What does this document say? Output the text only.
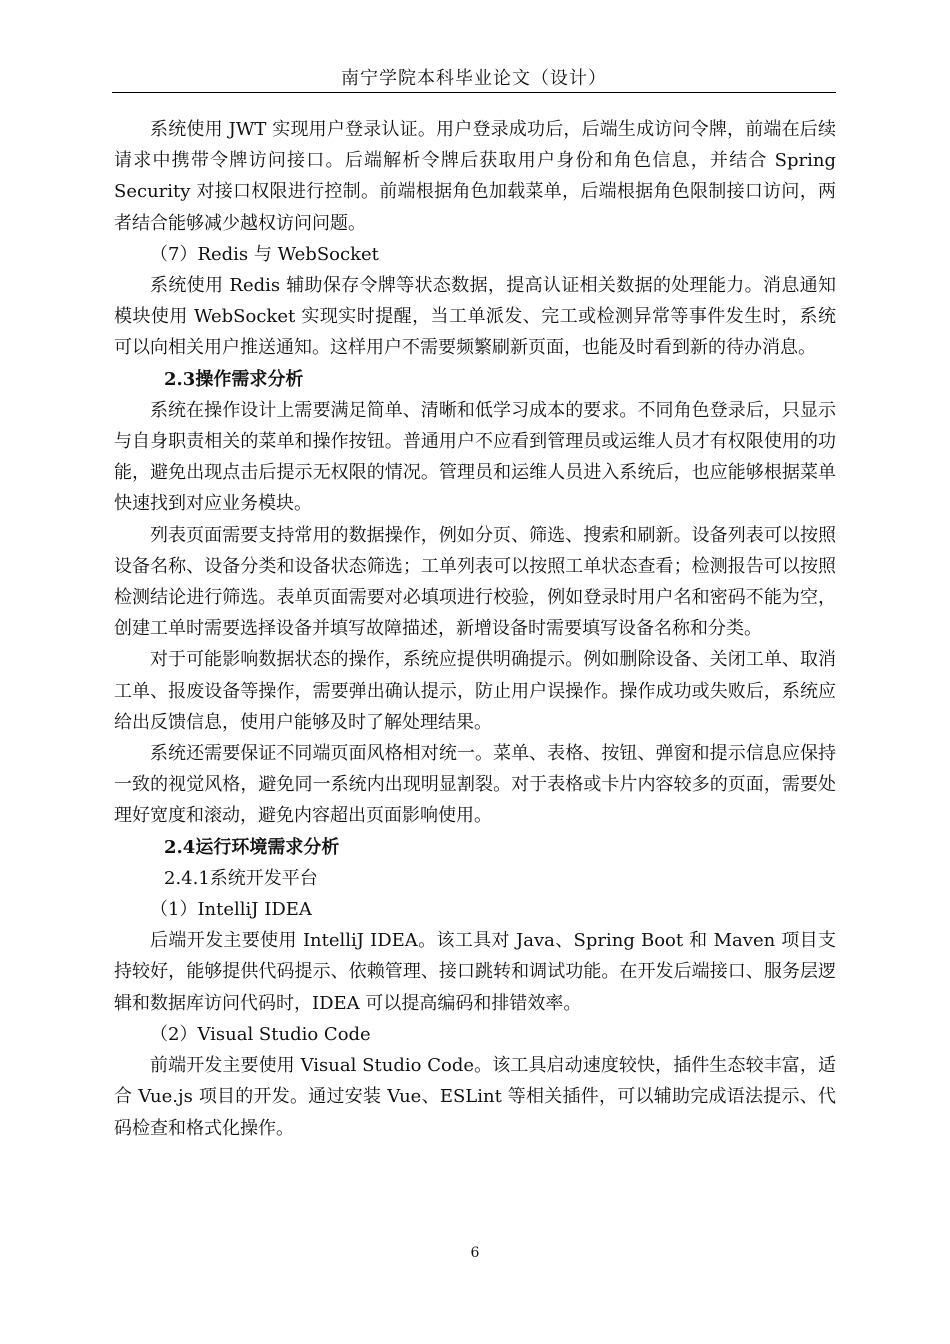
南宁学院本科毕业论文（设计）

系统使用 JWT 实现用户登录认证。用户登录成功后，后端生成访问令牌，前端在后续请求中携带令牌访问接口。后端解析令牌后获取用户身份和角色信息，并结合 Spring Security 对接口权限进行控制。前端根据角色加载菜单，后端根据角色限制接口访问，两者结合能够减少越权访问问题。

（7）Redis 与 WebSocket

系统使用 Redis 辅助保存令牌等状态数据，提高认证相关数据的处理能力。消息通知模块使用 WebSocket 实现实时提醒，当工单派发、完工或检测异常等事件发生时，系统可以向相关用户推送通知。这样用户不需要频繁刷新页面，也能及时看到新的待办消息。

2.3操作需求分析

系统在操作设计上需要满足简单、清晰和低学习成本的要求。不同角色登录后，只显示与自身职责相关的菜单和操作按钮。普通用户不应看到管理员或运维人员才有权限使用的功能，避免出现点击后提示无权限的情况。管理员和运维人员进入系统后，也应能够根据菜单快速找到对应业务模块。

列表页面需要支持常用的数据操作，例如分页、筛选、搜索和刷新。设备列表可以按照设备名称、设备分类和设备状态筛选；工单列表可以按照工单状态查看；检测报告可以按照检测结论进行筛选。表单页面需要对必填项进行校验，例如登录时用户名和密码不能为空，创建工单时需要选择设备并填写故障描述，新增设备时需要填写设备名称和分类。

对于可能影响数据状态的操作，系统应提供明确提示。例如删除设备、关闭工单、取消工单、报废设备等操作，需要弹出确认提示，防止用户误操作。操作成功或失败后，系统应给出反馈信息，使用户能够及时了解处理结果。

系统还需要保证不同端页面风格相对统一。菜单、表格、按钮、弹窗和提示信息应保持一致的视觉风格，避免同一系统内出现明显割裂。对于表格或卡片内容较多的页面，需要处理好宽度和滚动，避免内容超出页面影响使用。

2.4运行环境需求分析

2.4.1系统开发平台

（1）IntelliJ IDEA

后端开发主要使用 IntelliJ IDEA。该工具对 Java、Spring Boot 和 Maven 项目支持较好，能够提供代码提示、依赖管理、接口跳转和调试功能。在开发后端接口、服务层逻辑和数据库访问代码时，IDEA 可以提高编码和排错效率。

（2）Visual Studio Code

前端开发主要使用 Visual Studio Code。该工具启动速度较快，插件生态较丰富，适合 Vue.js 项目的开发。通过安装 Vue、ESLint 等相关插件，可以辅助完成语法提示、代码检查和格式化操作。

6
